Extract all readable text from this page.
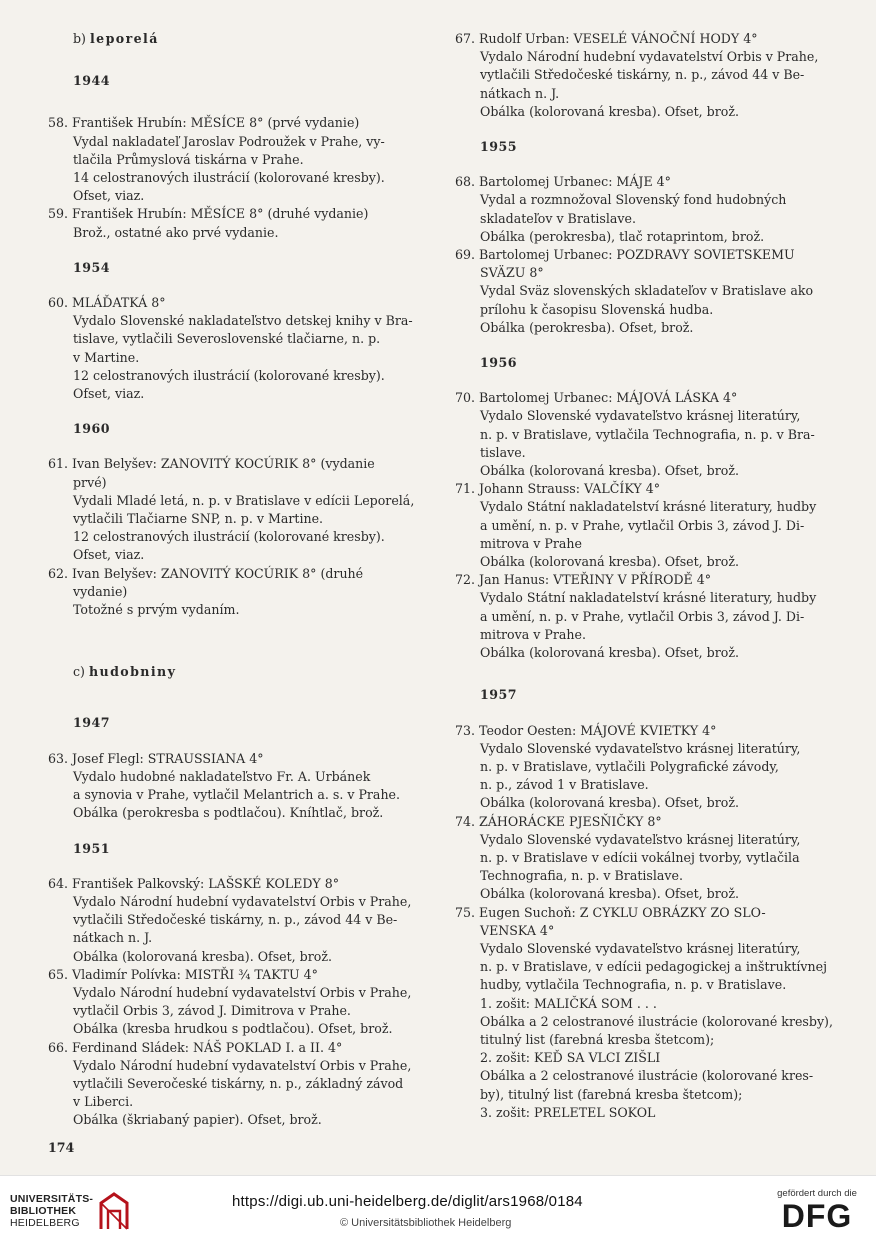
b) leporelá
1944
58. František Hrubín: MĚSÍCE 8° (prvé vydanie)
Vydal nakladateľ Jaroslav Podroužek v Prahe, vy-
tlačila Průmyslová tiskárna v Prahe.
14 celostranových ilustrácií (kolorované kresby).
Ofset, viaz.
59. František Hrubín: MĚSÍCE 8° (druhé vydanie)
Brož., ostatné ako prvé vydanie.
1954
60. MLÁĎATKÁ 8°
Vydalo Slovenské nakladateľstvo detskej knihy v Bra-
tislave, vytlačili Severoslovenské tlačiarne, n. p.
v Martine.
12 celostranových ilustrácií (kolorované kresby).
Ofset, viaz.
1960
61. Ivan Belyšev: ZANOVITÝ KOCÚRIK 8° (vydanie
prvé)
Vydali Mladé letá, n. p. v Bratislave v edícii Leporelá,
vytlačili Tlačiarne SNP, n. p. v Martine.
12 celostranových ilustrácií (kolorované kresby).
Ofset, viaz.
62. Ivan Belyšev: ZANOVITÝ KOCÚRIK 8° (druhé
vydanie)
Totožné s prvým vydaním.
c) hudobniny
1947
63. Josef Flegl: STRAUSSIANA 4°
Vydalo hudobné nakladateľstvo Fr. A. Urbánek
a synovia v Prahe, vytlačil Melantrich a. s. v Prahe.
Obálka (perokresba s podtlačou). Kníhtlač, brož.
1951
64. František Palkovský: LAŠSKÉ KOLEDY 8°
Vydalo Národní hudební vydavatelství Orbis v Prahe,
vytlačili Středočeské tiskárny, n. p., závod 44 v Be-
nátkach n. J.
Obálka (kolorovaná kresba). Ofset, brož.
65. Vladimír Polívka: MISTŘI ¾ TAKTU 4°
Vydalo Národní hudební vydavatelství Orbis v Prahe,
vytlačil Orbis 3, závod J. Dimitrova v Prahe.
Obálka (kresba hrudkou s podtlačou). Ofset, brož.
66. Ferdinand Sládek: NÁŠ POKLAD I. a II. 4°
Vydalo Národní hudební vydavatelství Orbis v Prahe,
vytlačili Severočeské tiskárny, n. p., základný závod
v Liberci.
Obálka (škriabaný papier). Ofset, brož.
67. Rudolf Urban: VESELÉ VÁNOČNÍ HODY 4°
Vydalo Národní hudební vydavatelství Orbis v Prahe,
vytlačili Středočeské tiskárny, n. p., závod 44 v Be-
nátkach n. J.
Obálka (kolorovaná kresba). Ofset, brož.
1955
68. Bartolomej Urbanec: MÁJE 4°
Vydal a rozmnožoval Slovenský fond hudobných
skladateľov v Bratislave.
Obálka (perokresba), tlač rotaprintom, brož.
69. Bartolomej Urbanec: POZDRAVY SOVIETSKEMU
SVÄZU 8°
Vydal Sväz slovenských skladateľov v Bratislave ako
prílohu k časopisu Slovenská hudba.
Obálka (perokresba). Ofset, brož.
1956
70. Bartolomej Urbanec: MÁJOVÁ LÁSKA 4°
Vydalo Slovenské vydavateľstvo krásnej literatúry,
n. p. v Bratislave, vytlačila Technografia, n. p. v Bra-
tislave.
Obálka (kolorovaná kresba). Ofset, brož.
71. Johann Strauss: VALČÍKY 4°
Vydalo Státní nakladatelství krásné literatury, hudby
a umění, n. p. v Prahe, vytlačil Orbis 3, závod J. Di-
mitrova v Prahe
Obálka (kolorovaná kresba). Ofset, brož.
72. Jan Hanus: VTEŘINY V PŘÍRODĚ 4°
Vydalo Státní nakladatelství krásné literatury, hudby
a umění, n. p. v Prahe, vytlačil Orbis 3, závod J. Di-
mitrova v Prahe.
Obálka (kolorovaná kresba). Ofset, brož.
1957
73. Teodor Oesten: MÁJOVÉ KVIETKY 4°
Vydalo Slovenské vydavateľstvo krásnej literatúry,
n. p. v Bratislave, vytlačili Polygrafické závody,
n. p., závod 1 v Bratislave.
Obálka (kolorovaná kresba). Ofset, brož.
74. ZÁHORÁCKE PJESŇIČKY 8°
Vydalo Slovenské vydavateľstvo krásnej literatúry,
n. p. v Bratislave v edícii vokálnej tvorby, vytlačila
Technografia, n. p. v Bratislave.
Obálka (kolorovaná kresba). Ofset, brož.
75. Eugen Suchoň: Z CYKLU OBRÁZKY ZO SLO-
VENSKA 4°
Vydalo Slovenské vydavateľstvo krásnej literatúry,
n. p. v Bratislave, v edícii pedagogickej a inštruktívnej
hudby, vytlačila Technografia, n. p. v Bratislave.
1. zošit: MALIČKÁ SOM . . .
Obálka a 2 celostranové ilustrácie (kolorované kresby),
titulný list (farebná kresba štetcom);
2. zošit: KEĎ SA VLCI ZIŠLI
Obálka a 2 celostranové ilustrácie (kolorované kres-
by), titulný list (farebná kresba štetcom);
3. zošit: PRELETEL SOKOL
174
UNIVERSITÄTS-
BIBLIOTHEK
HEIDELBERG
https://digi.ub.uni-heidelberg.de/diglit/ars1968/0184
© Universitätsbibliothek Heidelberg
gefördert durch die
DFG
